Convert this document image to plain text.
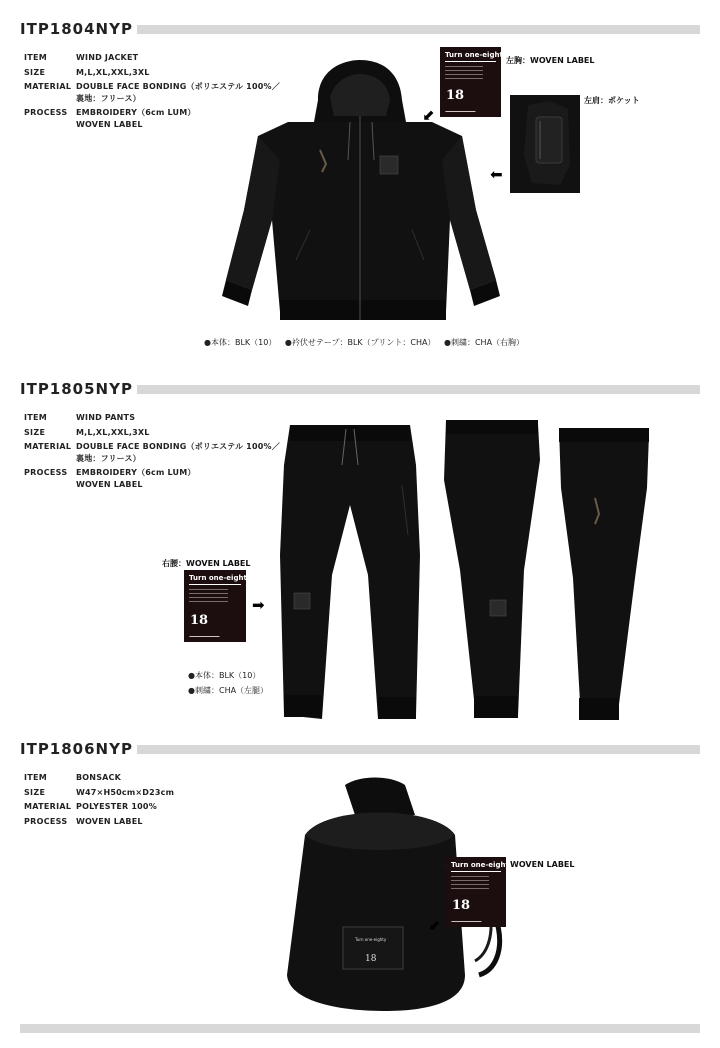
ITP1804NYP
ITEM	WIND JACKET
SIZE	M,L,XL,XXL,3XL
MATERIAL DOUBLE FACE BONDING（ポリエステル 100%／
裏地：フリース）
PROCESS	EMBROIDERY（6cm LUM）
WOVEN LABEL
Turn one-eighty
18
左胸：WOVEN LABEL
➡
左肩：ポケット
➡
●本体：BLK（10） ●衿伏せテープ：BLK（プリント：CHA） ●刺繍：CHA（右胸）
ITP1805NYP
ITEM	WIND PANTS
SIZE	M,L,XL,XXL,3XL
MATERIAL DOUBLE FACE BONDING（ポリエステル 100%／
裏地：フリース）
PROCESS	EMBROIDERY（6cm LUM）
WOVEN LABEL
右腰：WOVEN LABEL
Turn one-eighty
18
➡
●本体：BLK（10）
●刺繍：CHA（左腿）
ITP1806NYP
ITEM	BONSACK
SIZE	W47×H50cm×D23cm
MATERIAL POLYESTER 100%
PROCESS	WOVEN LABEL
Turn one-eighty
18
Turn one-eighty
18
WOVEN LABEL
➡
